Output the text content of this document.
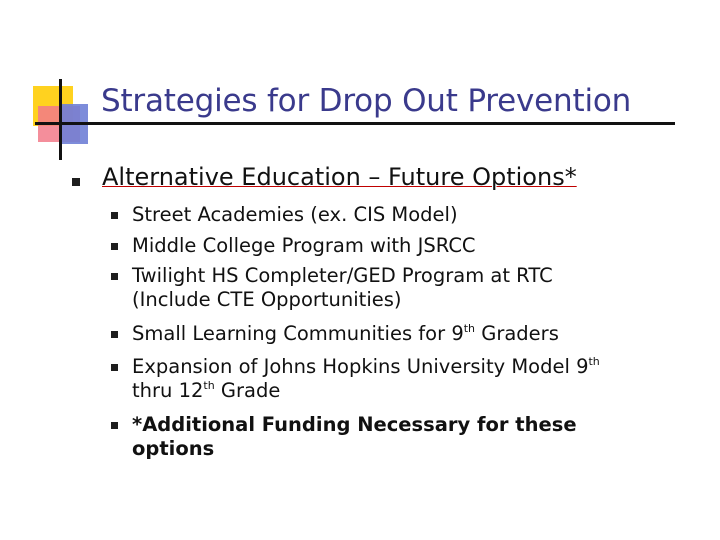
Strategies for Drop Out Prevention
Alternative Education – Future Options*
Street Academies (ex. CIS Model)
Middle College Program with JSRCC
Twilight HS Completer/GED Program at RTC
(Include CTE Opportunities)
Small Learning Communities for 9th Graders
Expansion of Johns Hopkins University Model 9th
thru 12th Grade
*Additional Funding Necessary for these
options
